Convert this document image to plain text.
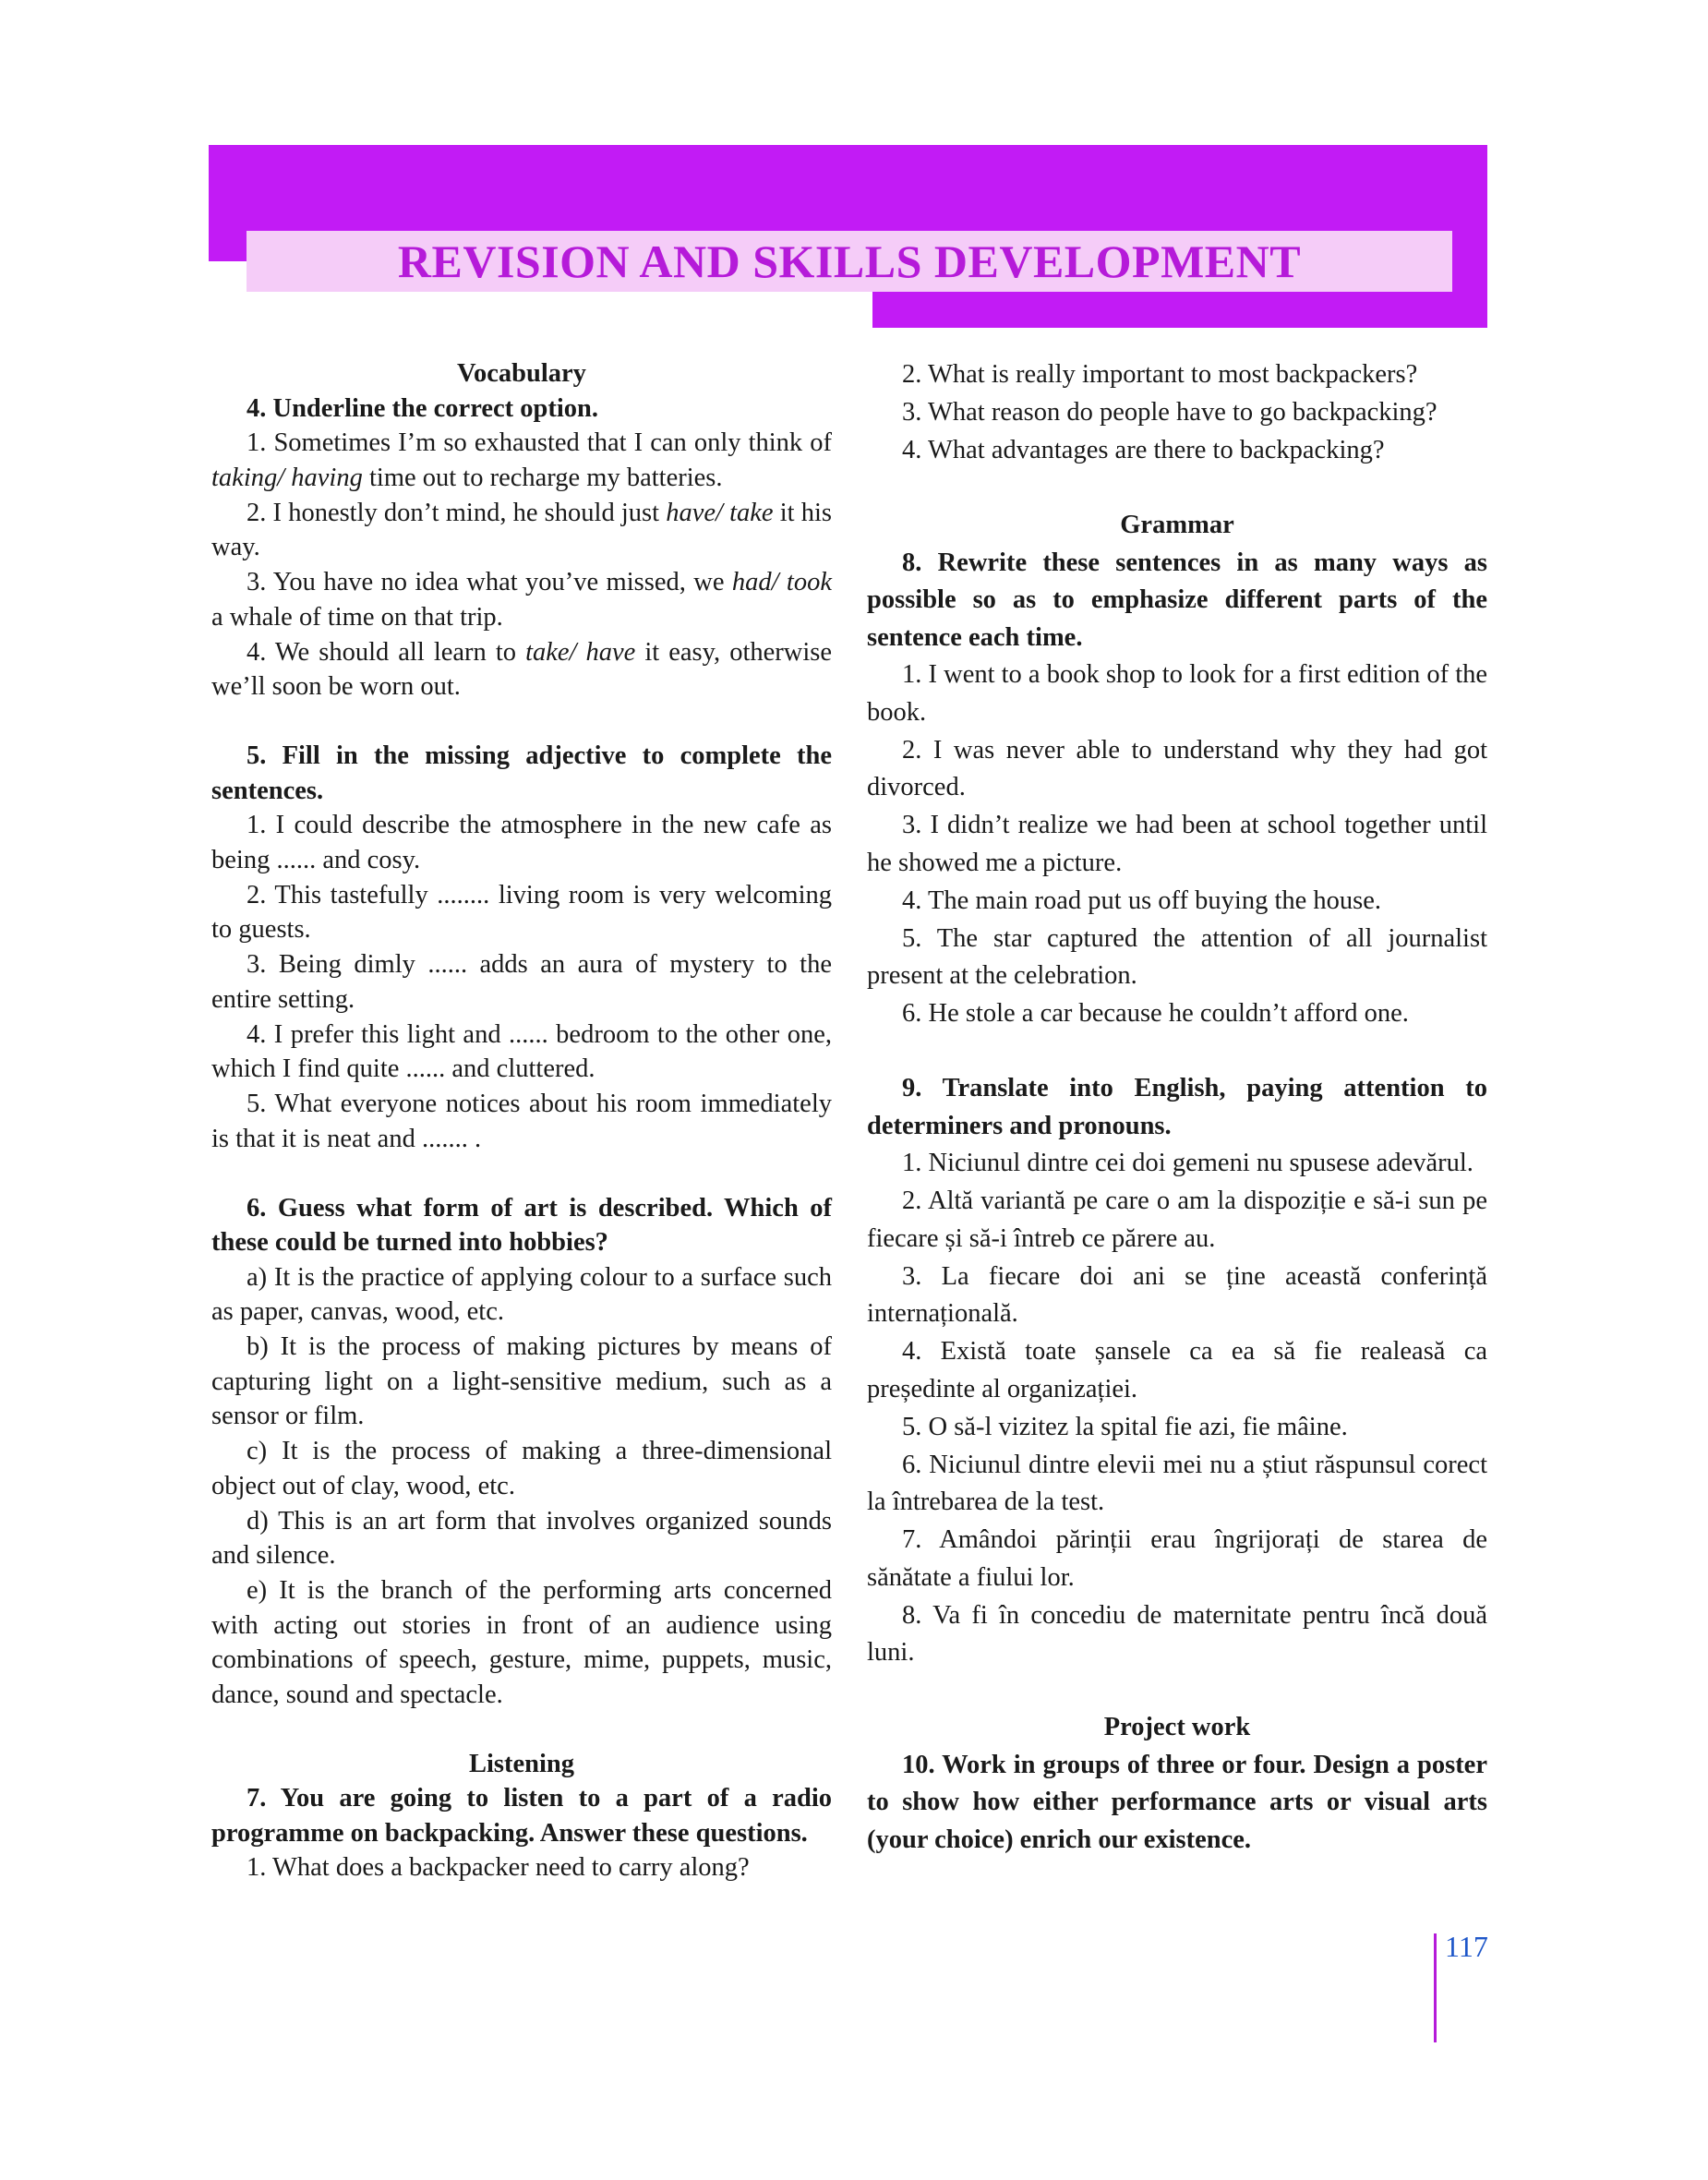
REVISION AND SKILLS DEVELOPMENT

Vocabulary

4. Underline the correct option.

1. Sometimes I’m so exhausted that I can only think of taking/ having time out to recharge my batteries.

2. I honestly don’t mind, he should just have/ take it his way.

3. You have no idea what you’ve missed, we had/ took a whale of time on that trip.

4. We should all learn to take/ have it easy, otherwise we’ll soon be worn out.

5. Fill in the missing adjective to complete the sentences.

1. I could describe the atmosphere in the new cafe as being ...... and cosy.

2. This tastefully ........ living room is very welcoming to guests.

3. Being dimly ...... adds an aura of mystery to the entire setting.

4. I prefer this light and ...... bedroom to the other one, which I find quite ...... and cluttered.

5. What everyone notices about his room immediately is that it is neat and ....... .

6. Guess what form of art is described. Which of these could be turned into hobbies?

a) It is the practice of applying colour to a surface such as paper, canvas, wood, etc.

b) It is the process of making pictures by means of capturing light on a light-sensitive medium, such as a sensor or film.

c) It is the process of making a three-dimensional object out of clay, wood, etc.

d) This is an art form that involves organized sounds and silence.

e) It is the branch of the performing arts concerned with acting out stories in front of an audience using combinations of speech, gesture, mime, puppets, music, dance, sound and spectacle.

Listening

7. You are going to listen to a part of a radio programme on backpacking. Answer these questions.

1. What does a backpacker need to carry along?

2. What is really important to most backpackers?

3. What reason do people have to go backpacking?

4. What advantages are there to backpacking?

Grammar

8. Rewrite these sentences in as many ways as possible so as to emphasize different parts of the sentence each time.

1. I went to a book shop to look for a first edition of the book.

2. I was never able to understand why they had got divorced.

3. I didn’t realize we had been at school together until he showed me a picture.

4. The main road put us off buying the house.

5. The star captured the attention of all journalist present at the celebration.

6. He stole a car because he couldn’t afford one.

9. Translate into English, paying attention to determiners and pronouns.

1. Niciunul dintre cei doi gemeni nu spusese adevărul.

2. Altă variantă pe care o am la dispoziție e să-i sun pe fiecare și să-i întreb ce părere au.

3. La fiecare doi ani se ține această conferință internațională.

4. Există toate șansele ca ea să fie realeasă ca președinte al organizației.

5. O să-l vizitez la spital fie azi, fie mâine.

6. Niciunul dintre elevii mei nu a știut răspunsul corect la întrebarea de la test.

7. Amândoi părinții erau îngrijorați de starea de sănătate a fiului lor.

8. Va fi în concediu de maternitate pentru încă două luni.

Project work

10. Work in groups of three or four. Design a poster to show how either performance arts or visual arts (your choice) enrich our existence.

117
